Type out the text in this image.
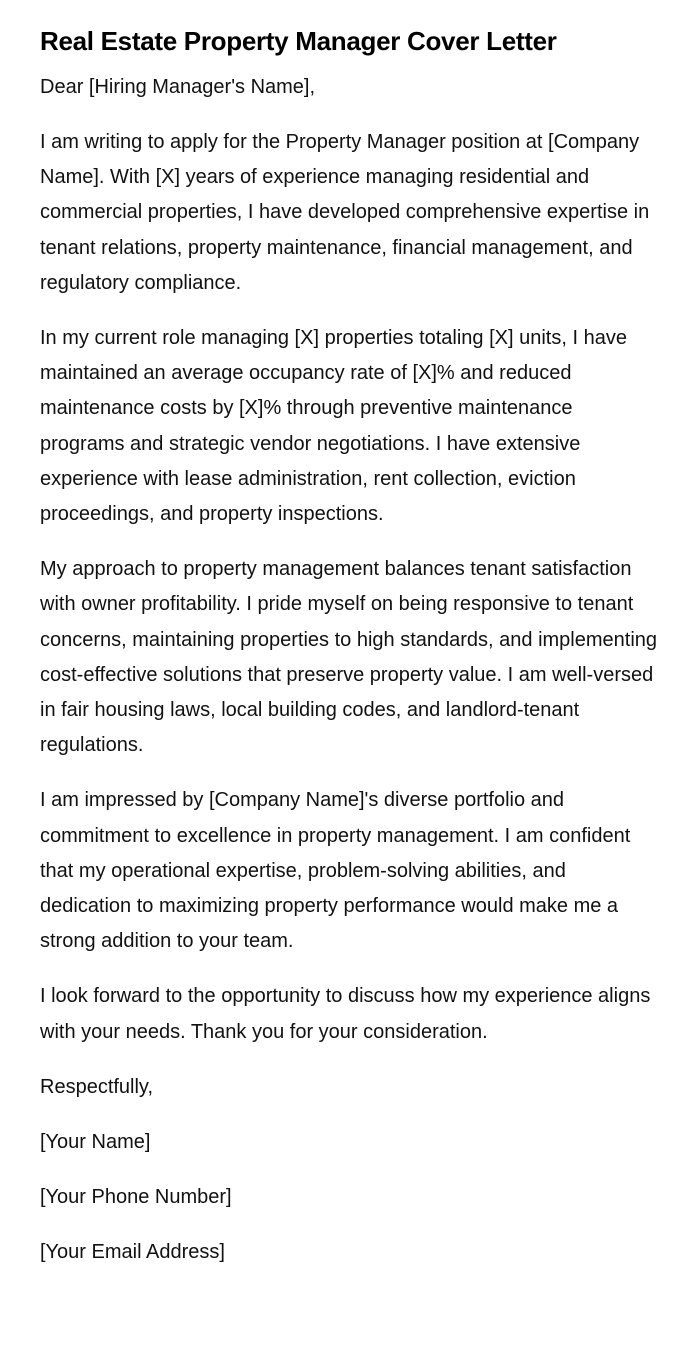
Real Estate Property Manager Cover Letter

Dear [Hiring Manager's Name],

I am writing to apply for the Property Manager position at [Company Name]. With [X] years of experience managing residential and commercial properties, I have developed comprehensive expertise in tenant relations, property maintenance, financial management, and regulatory compliance.

In my current role managing [X] properties totaling [X] units, I have maintained an average occupancy rate of [X]% and reduced maintenance costs by [X]% through preventive maintenance programs and strategic vendor negotiations. I have extensive experience with lease administration, rent collection, eviction proceedings, and property inspections.

My approach to property management balances tenant satisfaction with owner profitability. I pride myself on being responsive to tenant concerns, maintaining properties to high standards, and implementing cost-effective solutions that preserve property value. I am well-versed in fair housing laws, local building codes, and landlord-tenant regulations.

I am impressed by [Company Name]'s diverse portfolio and commitment to excellence in property management. I am confident that my operational expertise, problem-solving abilities, and dedication to maximizing property performance would make me a strong addition to your team.

I look forward to the opportunity to discuss how my experience aligns with your needs. Thank you for your consideration.

Respectfully,

[Your Name]

[Your Phone Number]

[Your Email Address]
